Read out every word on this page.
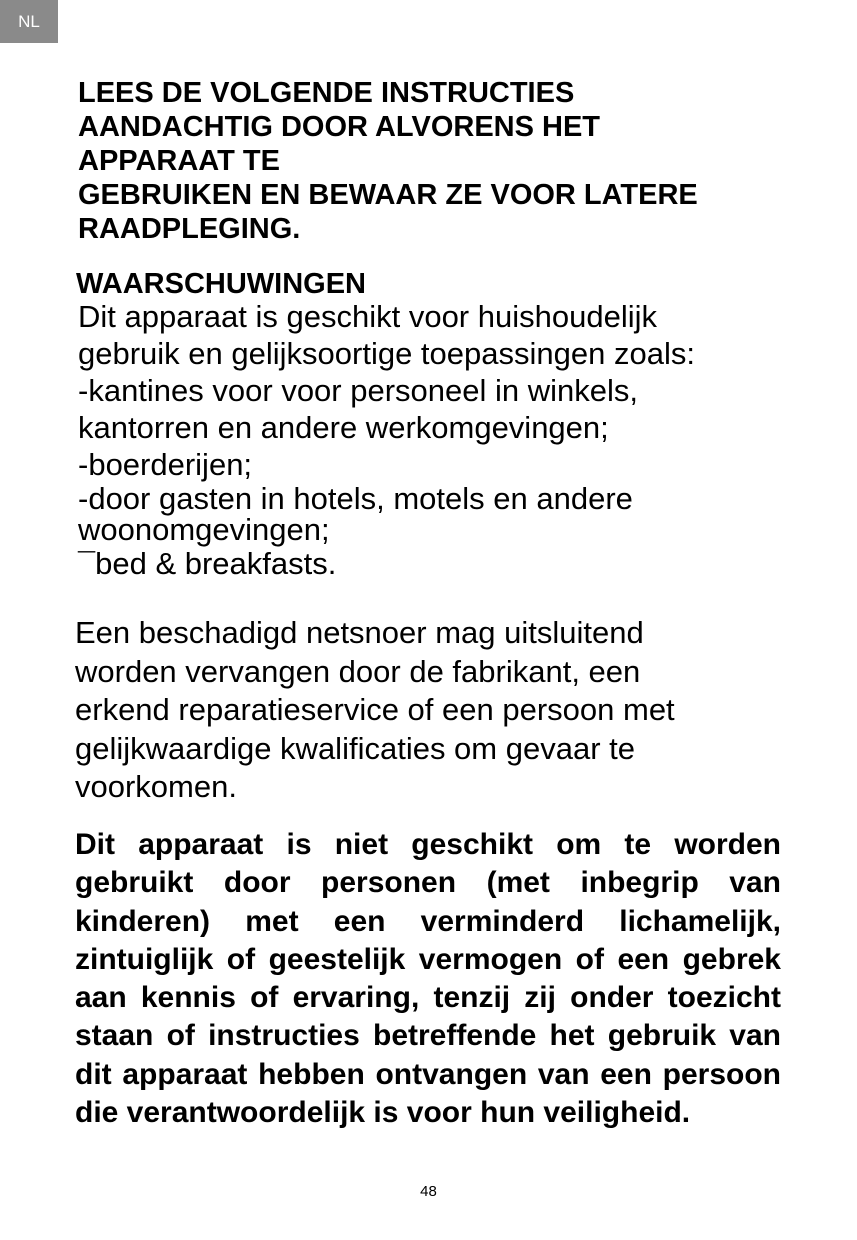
NL
LEES DE VOLGENDE INSTRUCTIES
AANDACHTIG DOOR ALVORENS HET
APPARAAT TE
GEBRUIKEN EN BEWAAR ZE VOOR LATERE
RAADPLEGING.
WAARSCHUWINGEN
Dit apparaat is geschikt voor huishoudelijk
gebruik en gelijksoortige toepassingen zoals:
-kantines voor voor personeel in winkels,
kantorren en andere werkomgevingen;
-boerderijen;
-door gasten in hotels, motels en andere
woonomgevingen;
¯bed & breakfasts.
Een beschadigd netsnoer mag uitsluitend
worden vervangen door de fabrikant, een
erkend reparatieservice of een persoon met
gelijkwaardige kwalificaties om gevaar te
voorkomen.

Dit apparaat is niet geschikt om te worden gebruikt door personen (met inbegrip van kinderen) met een verminderd lichamelijk, zintuiglijk of geestelijk vermogen of een gebrek aan kennis of ervaring, tenzij zij onder toezicht staan of instructies betreffende het gebruik van dit apparaat hebben ontvangen van een persoon die verantwoordelijk is voor hun veiligheid.

48
